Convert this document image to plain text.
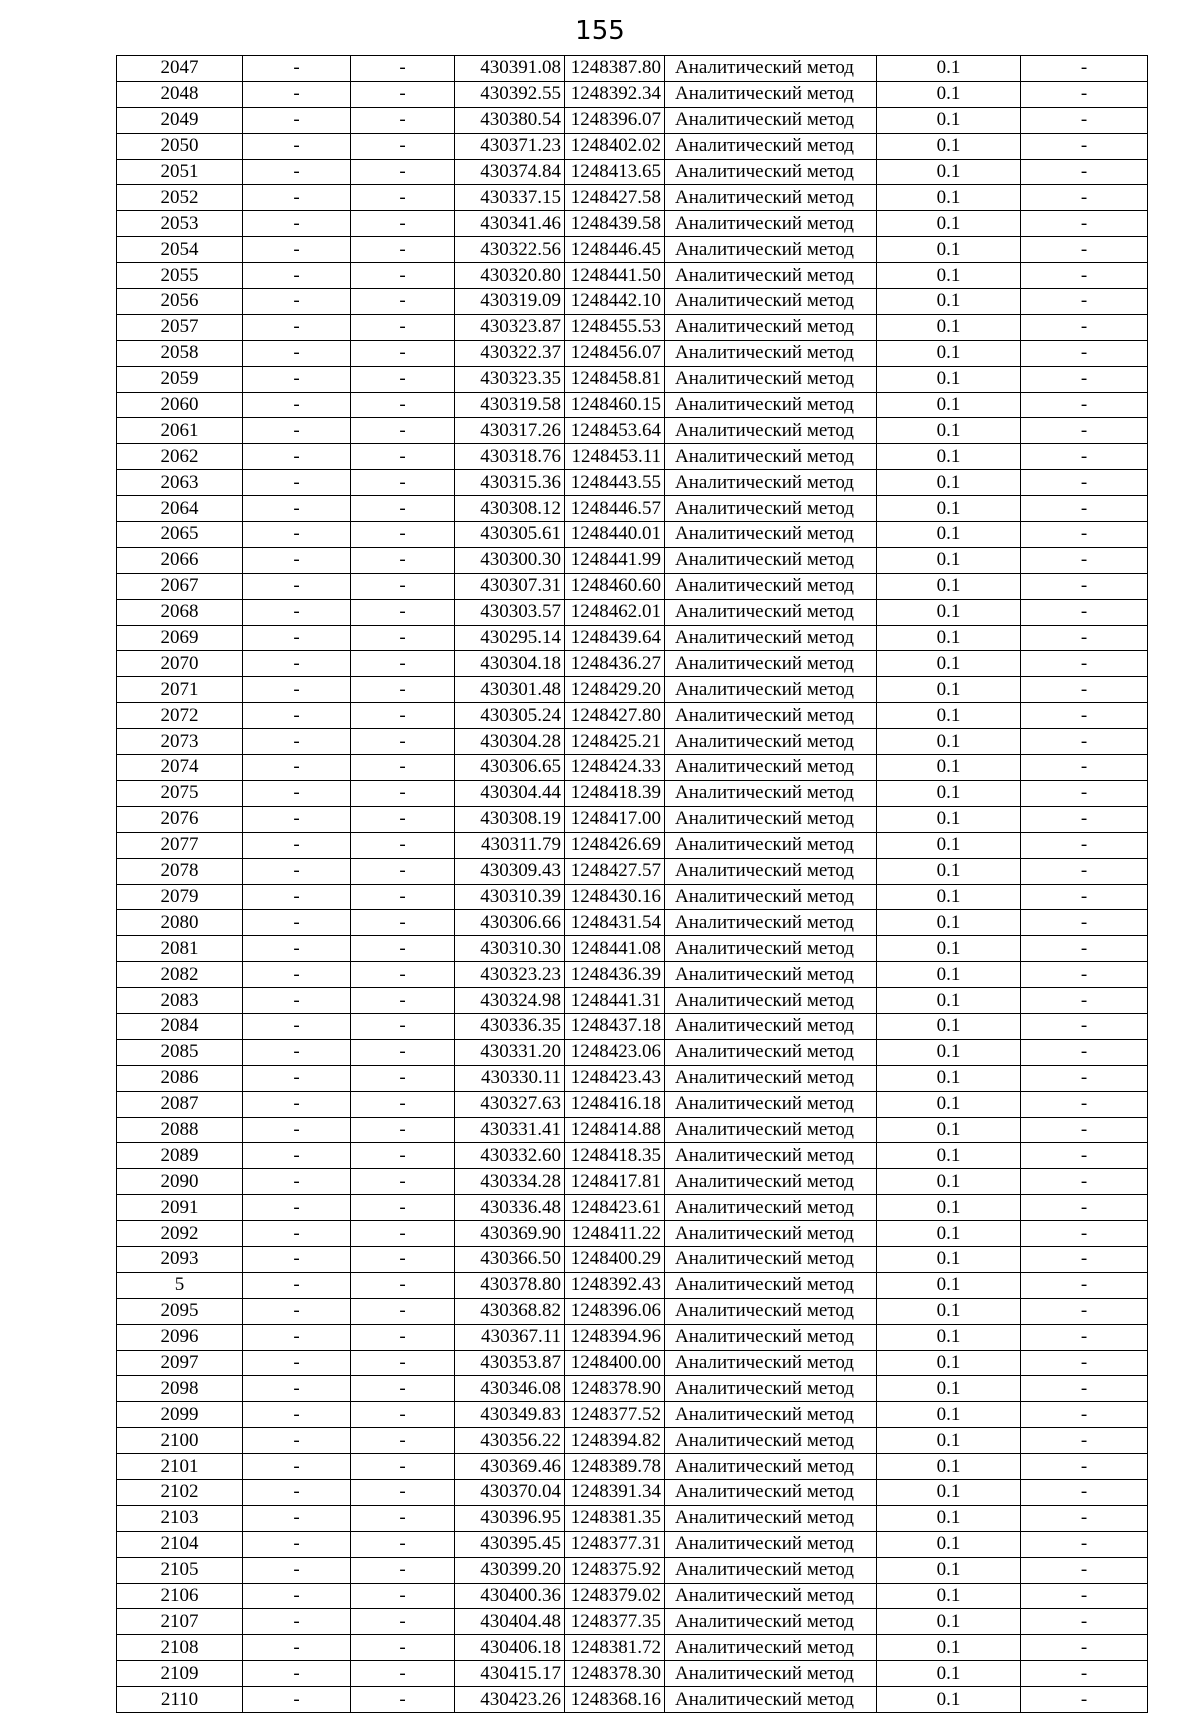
155
2047	-	-	430391.08	1248387.80	Аналитический метод	0.1	-
2048	-	-	430392.55	1248392.34	Аналитический метод	0.1	-
2049	-	-	430380.54	1248396.07	Аналитический метод	0.1	-
2050	-	-	430371.23	1248402.02	Аналитический метод	0.1	-
2051	-	-	430374.84	1248413.65	Аналитический метод	0.1	-
2052	-	-	430337.15	1248427.58	Аналитический метод	0.1	-
2053	-	-	430341.46	1248439.58	Аналитический метод	0.1	-
2054	-	-	430322.56	1248446.45	Аналитический метод	0.1	-
2055	-	-	430320.80	1248441.50	Аналитический метод	0.1	-
2056	-	-	430319.09	1248442.10	Аналитический метод	0.1	-
2057	-	-	430323.87	1248455.53	Аналитический метод	0.1	-
2058	-	-	430322.37	1248456.07	Аналитический метод	0.1	-
2059	-	-	430323.35	1248458.81	Аналитический метод	0.1	-
2060	-	-	430319.58	1248460.15	Аналитический метод	0.1	-
2061	-	-	430317.26	1248453.64	Аналитический метод	0.1	-
2062	-	-	430318.76	1248453.11	Аналитический метод	0.1	-
2063	-	-	430315.36	1248443.55	Аналитический метод	0.1	-
2064	-	-	430308.12	1248446.57	Аналитический метод	0.1	-
2065	-	-	430305.61	1248440.01	Аналитический метод	0.1	-
2066	-	-	430300.30	1248441.99	Аналитический метод	0.1	-
2067	-	-	430307.31	1248460.60	Аналитический метод	0.1	-
2068	-	-	430303.57	1248462.01	Аналитический метод	0.1	-
2069	-	-	430295.14	1248439.64	Аналитический метод	0.1	-
2070	-	-	430304.18	1248436.27	Аналитический метод	0.1	-
2071	-	-	430301.48	1248429.20	Аналитический метод	0.1	-
2072	-	-	430305.24	1248427.80	Аналитический метод	0.1	-
2073	-	-	430304.28	1248425.21	Аналитический метод	0.1	-
2074	-	-	430306.65	1248424.33	Аналитический метод	0.1	-
2075	-	-	430304.44	1248418.39	Аналитический метод	0.1	-
2076	-	-	430308.19	1248417.00	Аналитический метод	0.1	-
2077	-	-	430311.79	1248426.69	Аналитический метод	0.1	-
2078	-	-	430309.43	1248427.57	Аналитический метод	0.1	-
2079	-	-	430310.39	1248430.16	Аналитический метод	0.1	-
2080	-	-	430306.66	1248431.54	Аналитический метод	0.1	-
2081	-	-	430310.30	1248441.08	Аналитический метод	0.1	-
2082	-	-	430323.23	1248436.39	Аналитический метод	0.1	-
2083	-	-	430324.98	1248441.31	Аналитический метод	0.1	-
2084	-	-	430336.35	1248437.18	Аналитический метод	0.1	-
2085	-	-	430331.20	1248423.06	Аналитический метод	0.1	-
2086	-	-	430330.11	1248423.43	Аналитический метод	0.1	-
2087	-	-	430327.63	1248416.18	Аналитический метод	0.1	-
2088	-	-	430331.41	1248414.88	Аналитический метод	0.1	-
2089	-	-	430332.60	1248418.35	Аналитический метод	0.1	-
2090	-	-	430334.28	1248417.81	Аналитический метод	0.1	-
2091	-	-	430336.48	1248423.61	Аналитический метод	0.1	-
2092	-	-	430369.90	1248411.22	Аналитический метод	0.1	-
2093	-	-	430366.50	1248400.29	Аналитический метод	0.1	-
5	-	-	430378.80	1248392.43	Аналитический метод	0.1	-
2095	-	-	430368.82	1248396.06	Аналитический метод	0.1	-
2096	-	-	430367.11	1248394.96	Аналитический метод	0.1	-
2097	-	-	430353.87	1248400.00	Аналитический метод	0.1	-
2098	-	-	430346.08	1248378.90	Аналитический метод	0.1	-
2099	-	-	430349.83	1248377.52	Аналитический метод	0.1	-
2100	-	-	430356.22	1248394.82	Аналитический метод	0.1	-
2101	-	-	430369.46	1248389.78	Аналитический метод	0.1	-
2102	-	-	430370.04	1248391.34	Аналитический метод	0.1	-
2103	-	-	430396.95	1248381.35	Аналитический метод	0.1	-
2104	-	-	430395.45	1248377.31	Аналитический метод	0.1	-
2105	-	-	430399.20	1248375.92	Аналитический метод	0.1	-
2106	-	-	430400.36	1248379.02	Аналитический метод	0.1	-
2107	-	-	430404.48	1248377.35	Аналитический метод	0.1	-
2108	-	-	430406.18	1248381.72	Аналитический метод	0.1	-
2109	-	-	430415.17	1248378.30	Аналитический метод	0.1	-
2110	-	-	430423.26	1248368.16	Аналитический метод	0.1	-
